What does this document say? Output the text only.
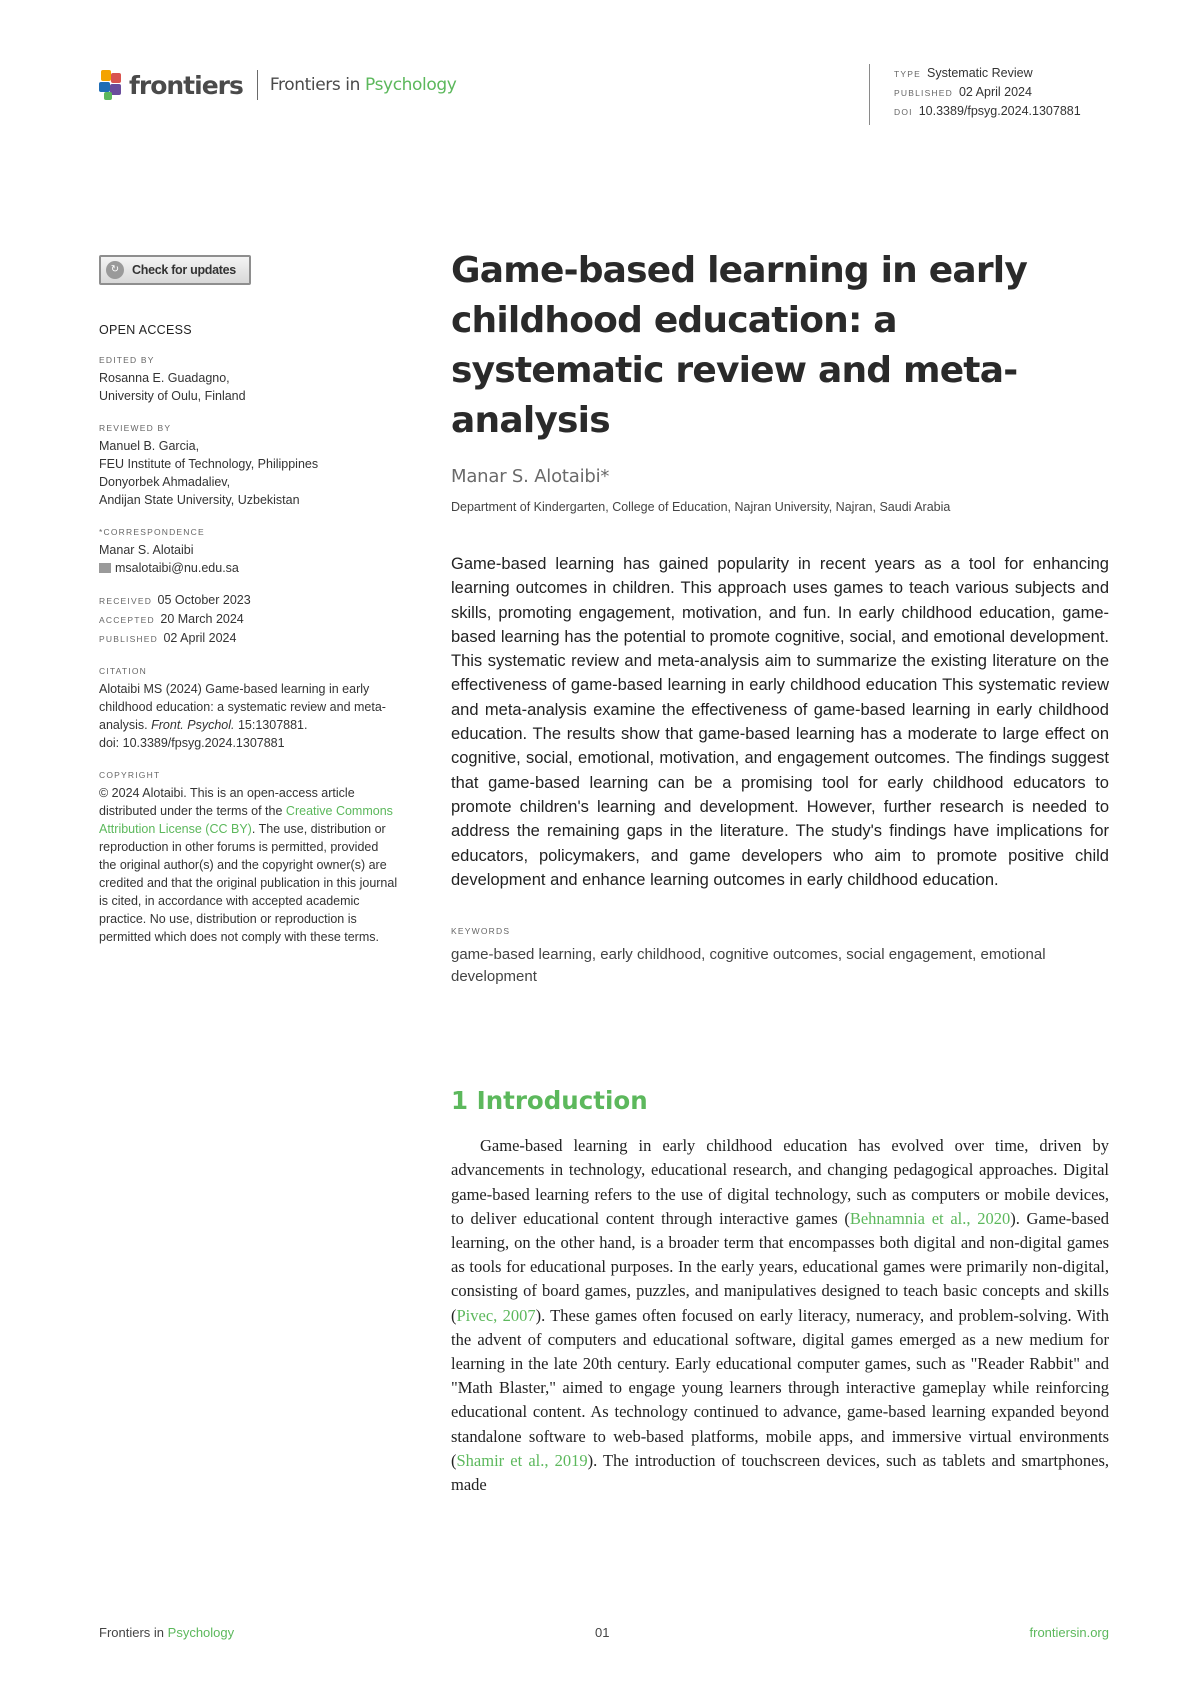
frontiers Frontiers in Psychology
TYPE Systematic Review
PUBLISHED 02 April 2024
DOI 10.3389/fpsyg.2024.1307881
↻	Check for updates
OPEN ACCESS
EDITED BY
Rosanna E. Guadagno,
University of Oulu, Finland
REVIEWED BY
Manuel B. Garcia,
FEU Institute of Technology, Philippines
Donyorbek Ahmadaliev,
Andijan State University, Uzbekistan
*CORRESPONDENCE
Manar S. Alotaibi
msalotaibi@nu.edu.sa
RECEIVED 05 October 2023
ACCEPTED 20 March 2024
PUBLISHED 02 April 2024
CITATION
Alotaibi MS (2024) Game-based learning in early childhood education: a systematic review and meta-analysis. Front. Psychol. 15:1307881.
doi: 10.3389/fpsyg.2024.1307881
COPYRIGHT
© 2024 Alotaibi. This is an open-access article distributed under the terms of the Creative Commons Attribution License (CC BY). The use, distribution or reproduction in other forums is permitted, provided the original author(s) and the copyright owner(s) are credited and that the original publication in this journal is cited, in accordance with accepted academic practice. No use, distribution or reproduction is permitted which does not comply with these terms.
Game-based learning in early childhood education: a systematic review and meta-analysis
Manar S. Alotaibi*
Department of Kindergarten, College of Education, Najran University, Najran, Saudi Arabia

Game-based learning has gained popularity in recent years as a tool for enhancing learning outcomes in children. This approach uses games to teach various subjects and skills, promoting engagement, motivation, and fun. In early childhood education, game-based learning has the potential to promote cognitive, social, and emotional development. This systematic review and meta-analysis aim to summarize the existing literature on the effectiveness of game-based learning in early childhood education This systematic review and meta-analysis examine the effectiveness of game-based learning in early childhood education. The results show that game-based learning has a moderate to large effect on cognitive, social, emotional, motivation, and engagement outcomes. The findings suggest that game-based learning can be a promising tool for early childhood educators to promote children's learning and development. However, further research is needed to address the remaining gaps in the literature. The study's findings have implications for educators, policymakers, and game developers who aim to promote positive child development and enhance learning outcomes in early childhood education.

KEYWORDS
game-based learning, early childhood, cognitive outcomes, social engagement, emotional development
1 Introduction

Game-based learning in early childhood education has evolved over time, driven by advancements in technology, educational research, and changing pedagogical approaches. Digital game-based learning refers to the use of digital technology, such as computers or mobile devices, to deliver educational content through interactive games (Behnamnia et al., 2020). Game-based learning, on the other hand, is a broader term that encompasses both digital and non-digital games as tools for educational purposes. In the early years, educational games were primarily non-digital, consisting of board games, puzzles, and manipulatives designed to teach basic concepts and skills (Pivec, 2007). These games often focused on early literacy, numeracy, and problem-solving. With the advent of computers and educational software, digital games emerged as a new medium for learning in the late 20th century. Early educational computer games, such as "Reader Rabbit" and "Math Blaster," aimed to engage young learners through interactive gameplay while reinforcing educational content. As technology continued to advance, game-based learning expanded beyond standalone software to web-based platforms, mobile apps, and immersive virtual environments (Shamir et al., 2019). The introduction of touchscreen devices, such as tablets and smartphones, made

Frontiers in Psychology	01	frontiersin.org
